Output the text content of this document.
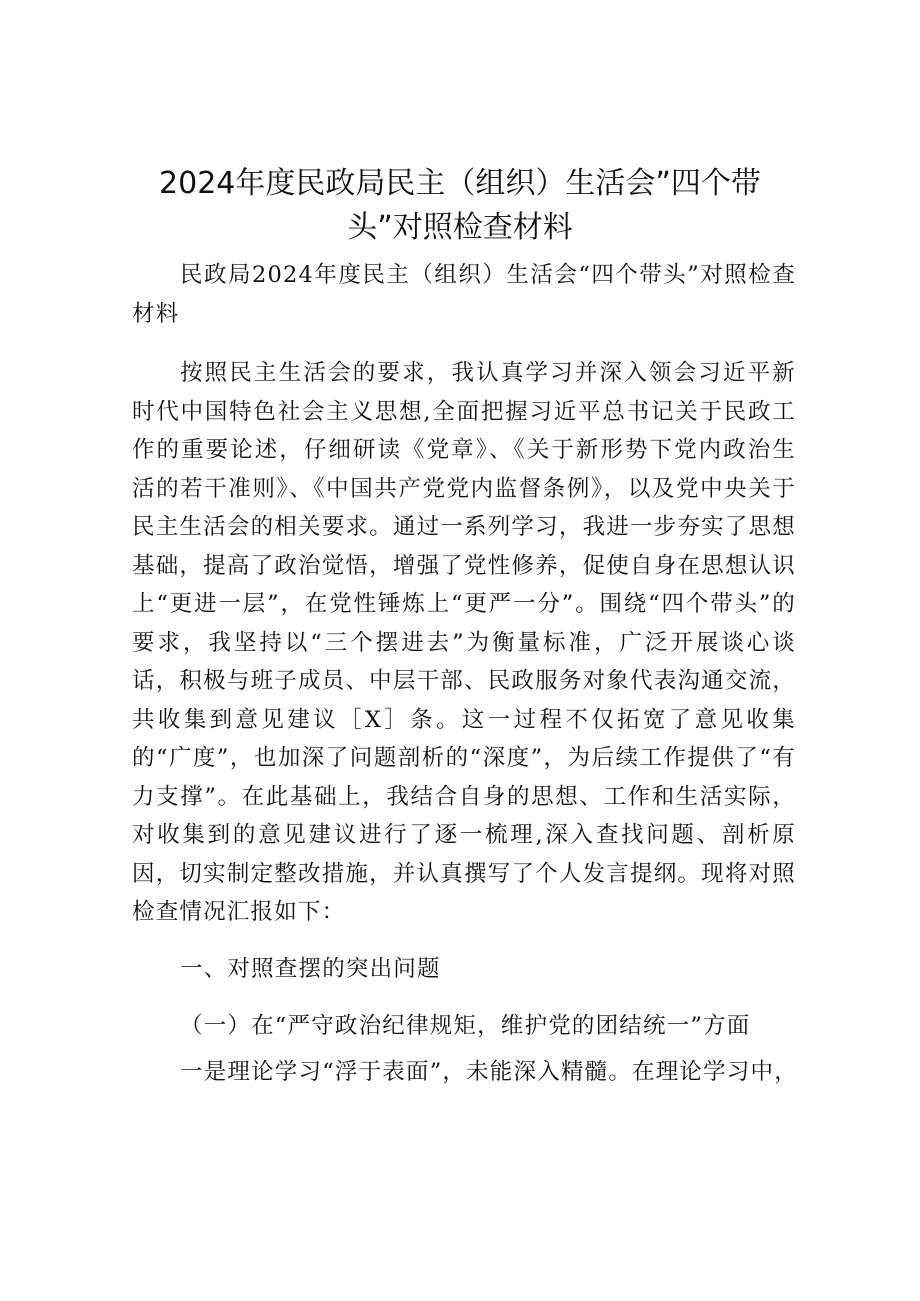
2024年度民政局民主（组织）生活会”四个带头”对照检查材料

民政局2024年度民主（组织）生活会“四个带头”对照检查材料

按照民主生活会的要求，我认真学习并深入领会习近平新时代中国特色社会主义思想,全面把握习近平总书记关于民政工作的重要论述，仔细研读《党章》、《关于新形势下党内政治生活的若干准则》、《中国共产党党内监督条例》，以及党中央关于民主生活会的相关要求。通过一系列学习，我进一步夯实了思想基础，提高了政治觉悟，增强了党性修养，促使自身在思想认识上“更进一层”，在党性锤炼上“更严一分”。围绕“四个带头”的要求，我坚持以“三个摆进去”为衡量标准，广泛开展谈心谈话，积极与班子成员、中层干部、民政服务对象代表沟通交流，共收集到意见建议［X］条。这一过程不仅拓宽了意见收集的“广度”，也加深了问题剖析的“深度”，为后续工作提供了“有力支撑”。在此基础上，我结合自身的思想、工作和生活实际，对收集到的意见建议进行了逐一梳理,深入查找问题、剖析原因，切实制定整改措施，并认真撰写了个人发言提纲。现将对照检查情况汇报如下：

一、对照查摆的突出问题

（一）在“严守政治纪律规矩，维护党的团结统一”方面

一是理论学习“浮于表面”，未能深入精髓。在理论学习中，
